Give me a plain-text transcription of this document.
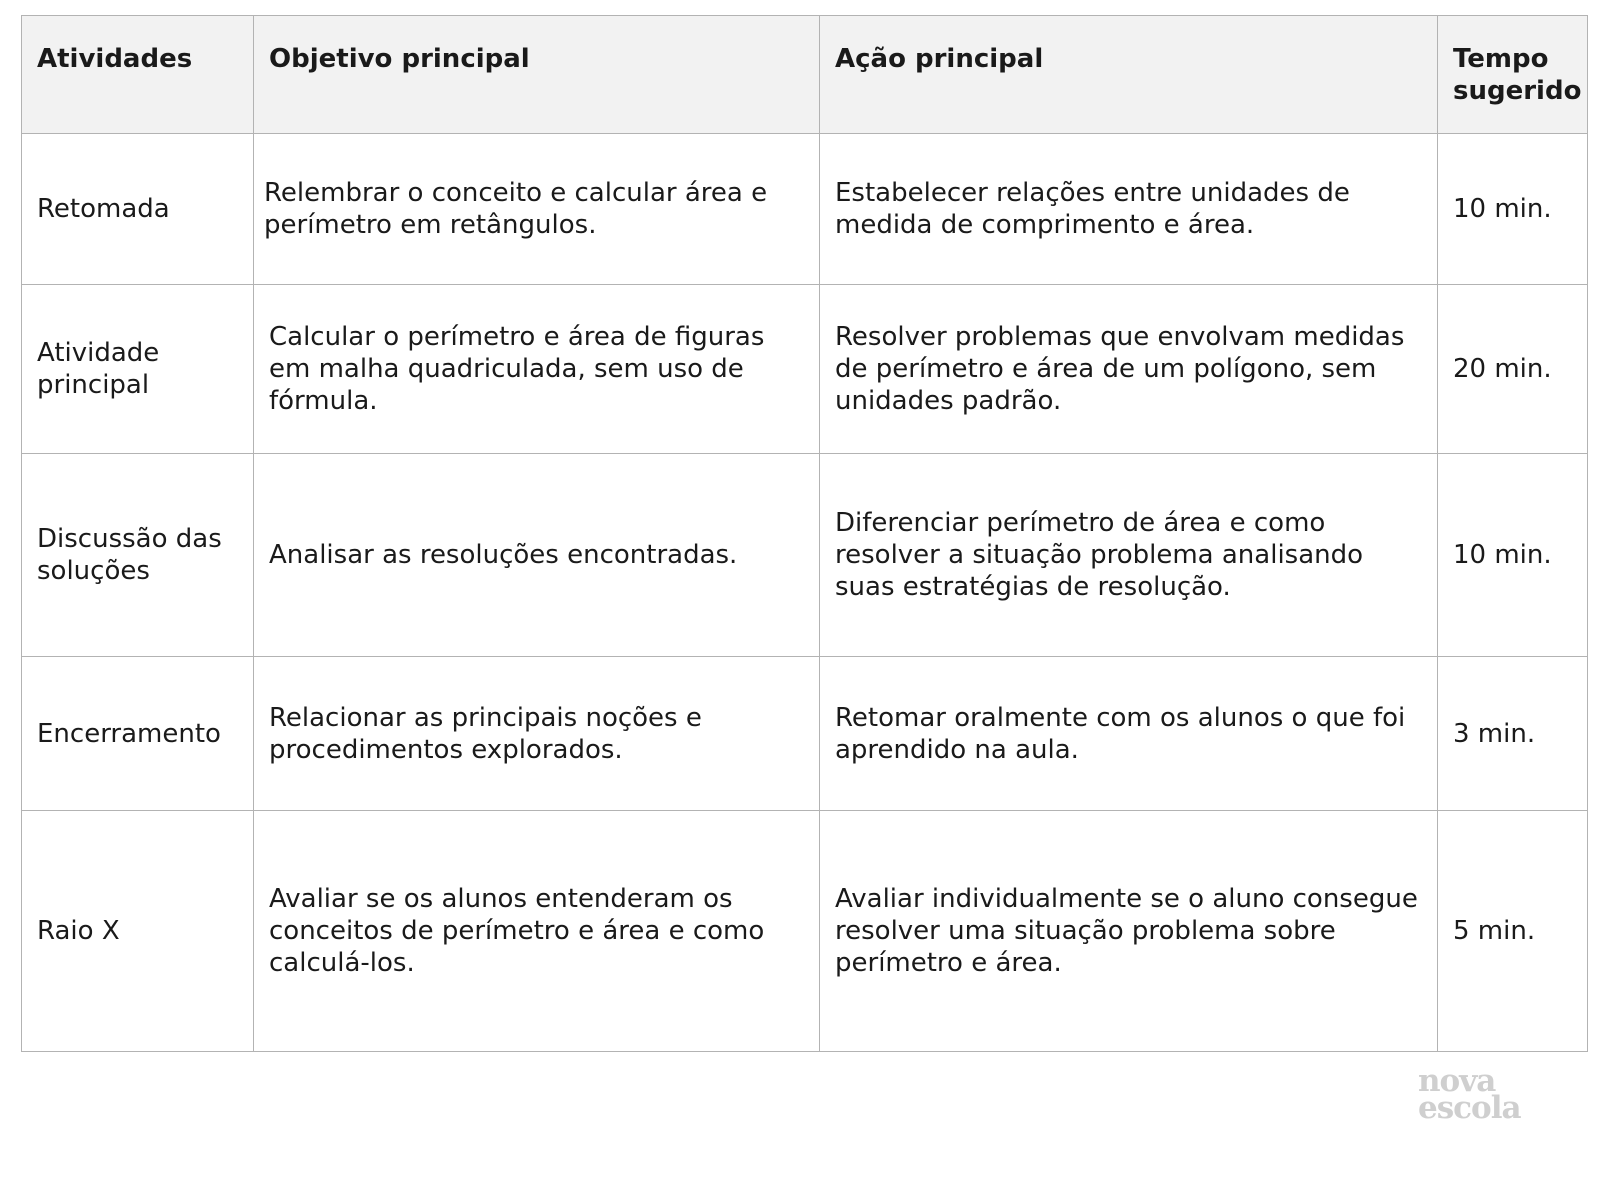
Atividades	Objetivo principal	Ação principal	Tempo sugerido
Retomada	Relembrar o conceito e calcular área e perímetro em retângulos.	Estabelecer relações entre unidades de medida de comprimento e área.	10 min.
Atividade principal	Calcular o perímetro e área de figuras em malha quadriculada, sem uso de fórmula.	Resolver problemas que envolvam medidas de perímetro e área de um polígono, sem unidades padrão.	20 min.
Discussão das soluções	Analisar as resoluções encontradas.	Diferenciar perímetro de área e como resolver a situação problema analisando suas estratégias de resolução.	10 min.
Encerramento	Relacionar as principais noções e procedimentos explorados.	Retomar oralmente com os alunos o que foi aprendido na aula.	3 min.
Raio X	Avaliar se os alunos entenderam os conceitos de perímetro e área e como calculá-los.	Avaliar individualmente se o aluno consegue resolver uma situação problema sobre perímetro e área.	5 min.
nova
escola
